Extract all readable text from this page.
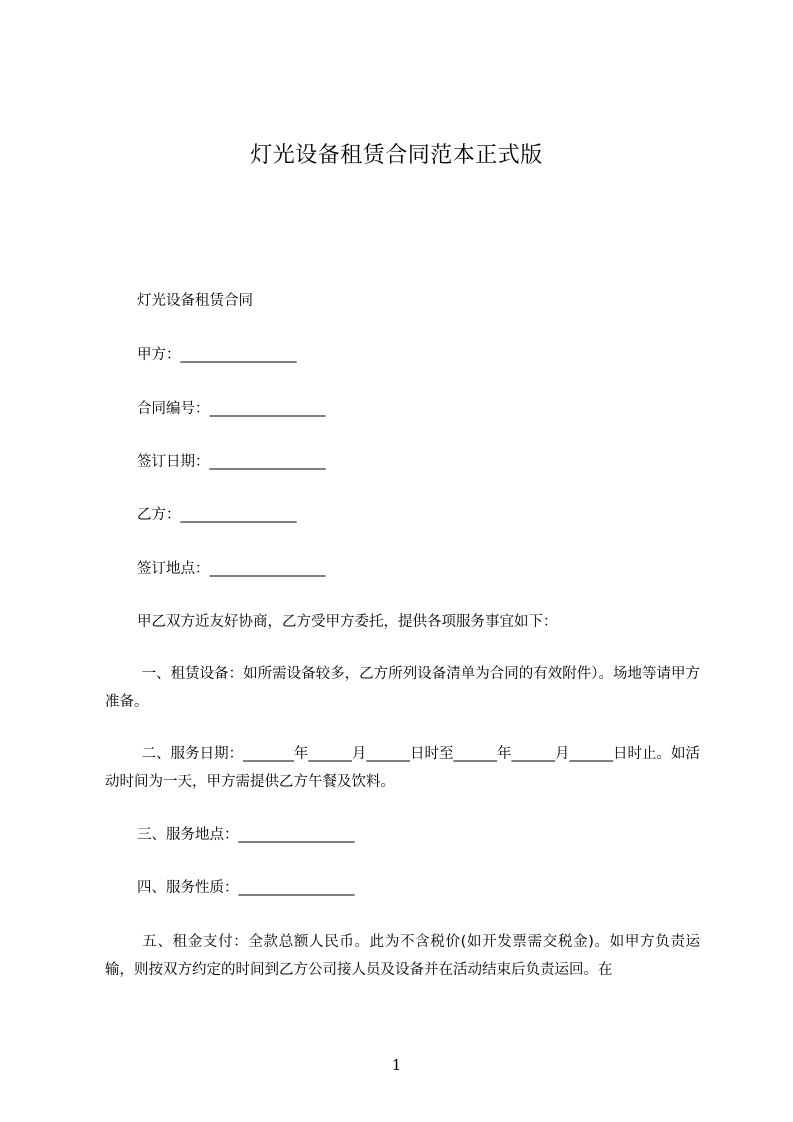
灯光设备租赁合同范本正式版
灯光设备租赁合同
甲方：________________
合同编号：________________
签订日期：________________
乙方：________________
签订地点：________________
甲乙双方近友好协商，乙方受甲方委托，提供各项服务事宜如下：
一、租赁设备：如所需设备较多，乙方所列设备清单为合同的有效附件）。场地等请甲方准备。
二、服务日期：_______年______月______日时至______年______月______日时止。如活动时间为一天，甲方需提供乙方午餐及饮料。
三、服务地点：________________
四、服务性质：________________
五、租金支付：全款总额人民币。此为不含税价(如开发票需交税金)。如甲方负责运输，则按双方约定的时间到乙方公司接人员及设备并在活动结束后负责运回。在
1
